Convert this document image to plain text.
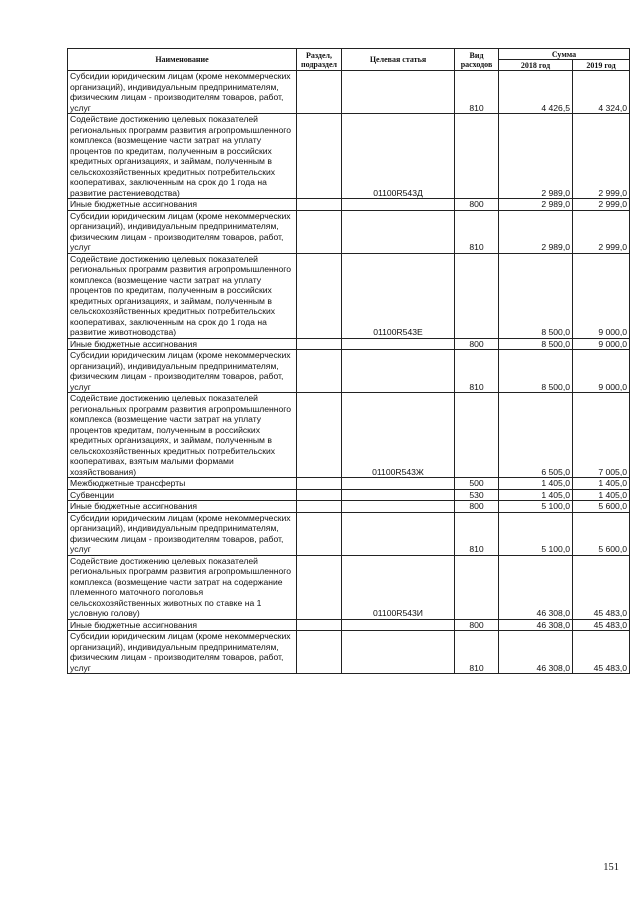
Наименование	Раздел, подраздел	Целевая статья	Вид расходов	Сумма	
				2018 год	2019 год
Субсидии юридическим лицам (кроме некоммерческих организаций), индивидуальным предпринимателям, физическим лицам - производителям товаров, работ, услуг			810	4 426,5	4 324,0
Содействие достижению целевых показателей региональных программ развития агропромышленного комплекса (возмещение части затрат на уплату процентов по кредитам, полученным в российских кредитных организациях, и займам, полученным в сельскохозяйственных кредитных потребительских кооперативах, заключенным на срок до 1 года на развитие растениеводства)		01100R543Д		2 989,0	2 999,0
Иные бюджетные ассигнования			800	2 989,0	2 999,0
Субсидии юридическим лицам (кроме некоммерческих организаций), индивидуальным предпринимателям, физическим лицам - производителям товаров, работ, услуг			810	2 989,0	2 999,0
Содействие достижению целевых показателей региональных программ развития агропромышленного комплекса (возмещение части затрат на уплату процентов по кредитам, полученным в российских кредитных организациях, и займам, полученным в сельскохозяйственных кредитных потребительских кооперативах, заключенным на срок до 1 года на развитие животноводства)		01100R543Е		8 500,0	9 000,0
Иные бюджетные ассигнования			800	8 500,0	9 000,0
Субсидии юридическим лицам (кроме некоммерческих организаций), индивидуальным предпринимателям, физическим лицам - производителям товаров, работ, услуг			810	8 500,0	9 000,0
Содействие достижению целевых показателей региональных программ развития агропромышленного комплекса (возмещение части затрат на уплату процентов кредитам, полученным в российских кредитных организациях, и займам, полученным в сельскохозяйственных кредитных потребительских кооперативах, взятым малыми формами хозяйствования)		01100R543Ж		6 505,0	7 005,0
Межбюджетные трансферты			500	1 405,0	1 405,0
Субвенции			530	1 405,0	1 405,0
Иные бюджетные ассигнования			800	5 100,0	5 600,0
Субсидии юридическим лицам (кроме некоммерческих организаций), индивидуальным предпринимателям, физическим лицам - производителям товаров, работ, услуг			810	5 100,0	5 600,0
Содействие достижению целевых показателей региональных программ развития агропромышленного комплекса (возмещение части затрат на содержание племенного маточного поголовья сельскохозяйственных животных по ставке на 1 условную голову)		01100R543И		46 308,0	45 483,0
Иные бюджетные ассигнования			800	46 308,0	45 483,0
Субсидии юридическим лицам (кроме некоммерческих организаций), индивидуальным предпринимателям, физическим лицам - производителям товаров, работ, услуг			810	46 308,0	45 483,0
151
